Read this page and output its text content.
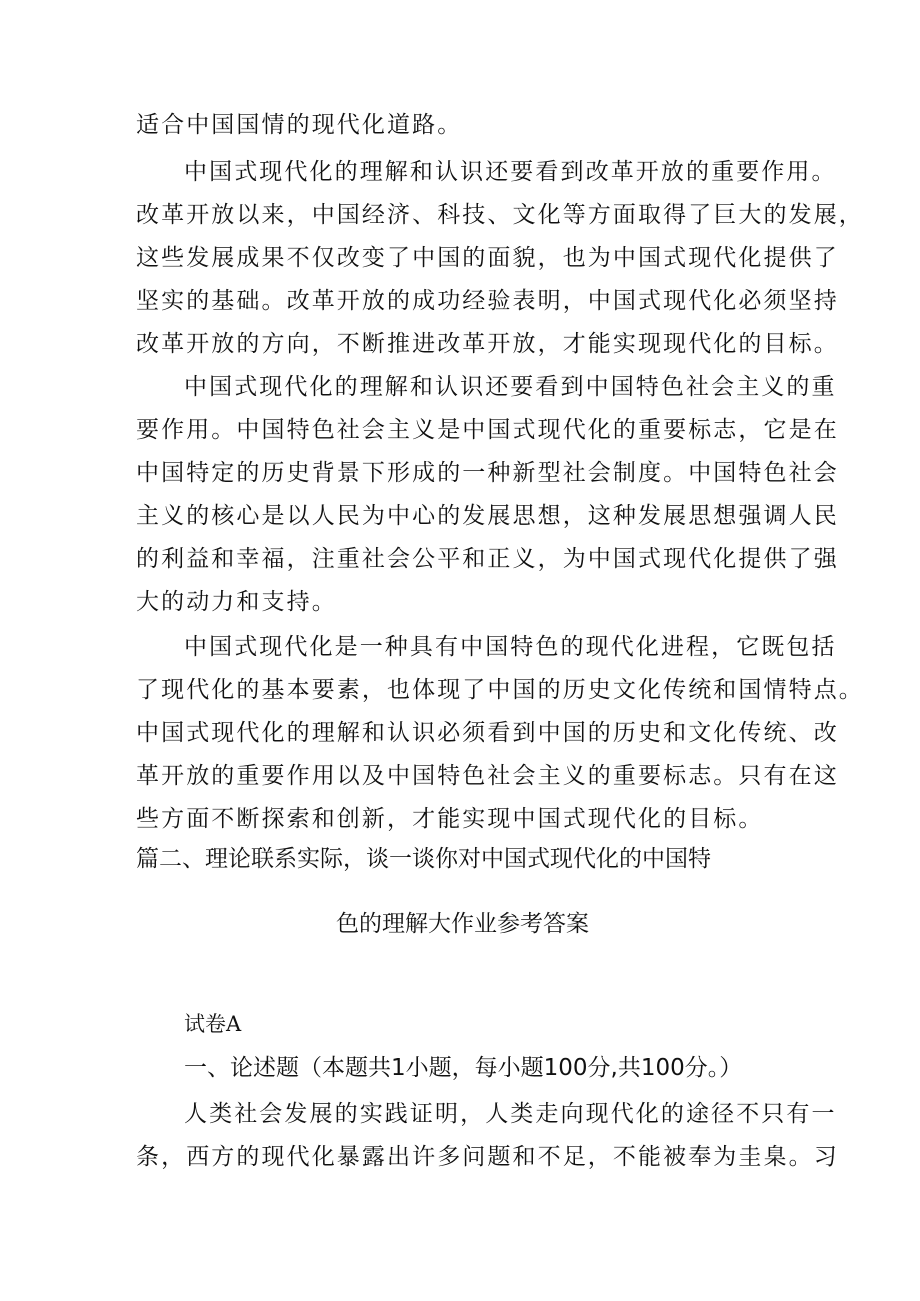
适合中国国情的现代化道路。
中国式现代化的理解和认识还要看到改革开放的重要作用。
改革开放以来，中国经济、科技、文化等方面取得了巨大的发展，
这些发展成果不仅改变了中国的面貌，也为中国式现代化提供了
坚实的基础。改革开放的成功经验表明，中国式现代化必须坚持
改革开放的方向，不断推进改革开放，才能实现现代化的目标。
中国式现代化的理解和认识还要看到中国特色社会主义的重
要作用。中国特色社会主义是中国式现代化的重要标志，它是在
中国特定的历史背景下形成的一种新型社会制度。中国特色社会
主义的核心是以人民为中心的发展思想，这种发展思想强调人民
的利益和幸福，注重社会公平和正义，为中国式现代化提供了强
大的动力和支持。
中国式现代化是一种具有中国特色的现代化进程，它既包括
了现代化的基本要素，也体现了中国的历史文化传统和国情特点。
中国式现代化的理解和认识必须看到中国的历史和文化传统、改
革开放的重要作用以及中国特色社会主义的重要标志。只有在这
些方面不断探索和创新，才能实现中国式现代化的目标。
篇二、理论联系实际，谈一谈你对中国式现代化的中国特
色的理解大作业参考答案
试卷A
一、论述题（本题共1小题，每小题100分,共100分。）
人类社会发展的实践证明，人类走向现代化的途径不只有一
条，西方的现代化暴露出许多问题和不足，不能被奉为圭臬。习
